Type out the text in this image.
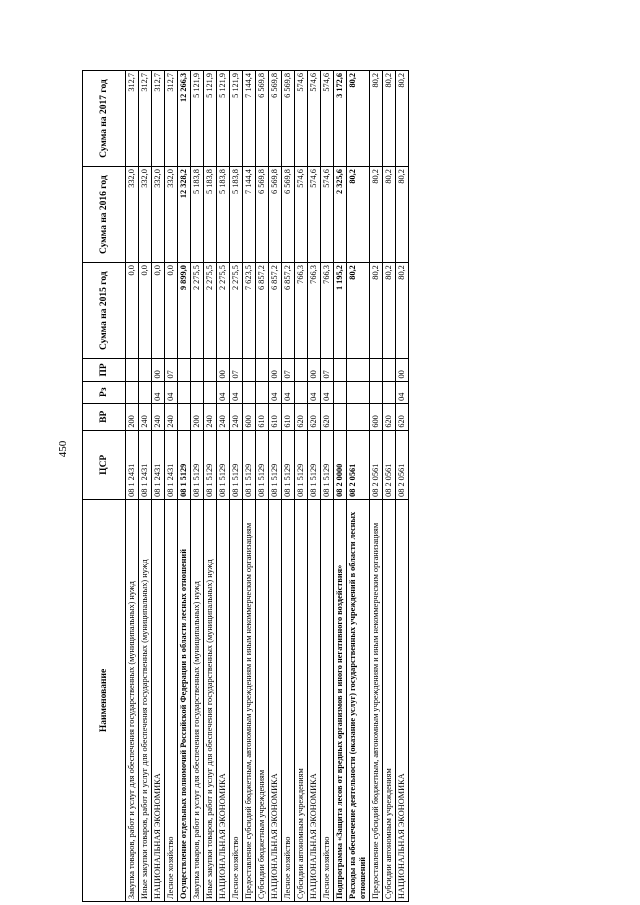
450
Наименование	ЦСР	ВР	Рз	ПР	Сумма на 2015 год	Сумма на 2016 год	Сумма на 2017 год
Закупка товаров, работ и услуг для обеспечения государственных (муниципальных) нужд	08 1 2431	200			0,0	332,0	312,7
Иные закупки товаров, работ и услуг для обеспечения государственных (муниципальных) нужд	08 1 2431	240			0,0	332,0	312,7
НАЦИОНАЛЬНАЯ ЭКОНОМИКА	08 1 2431	240	04	00	0,0	332,0	312,7
Лесное хозяйство	08 1 2431	240	04	07	0,0	332,0	312,7
Осуществление отдельных полномочий Российской Федерации в области лесных отношений	08 1 5129				9 899,0	12 328,2	12 266,3
Закупка товаров, работ и услуг для обеспечения государственных (муниципальных) нужд	08 1 5129	200			2 275,5	5 183,8	5 121,9
Иные закупки товаров, работ и услуг для обеспечения государственных (муниципальных) нужд	08 1 5129	240			2 275,5	5 183,8	5 121,9
НАЦИОНАЛЬНАЯ ЭКОНОМИКА	08 1 5129	240	04	00	2 275,5	5 183,8	5 121,9
Лесное хозяйство	08 1 5129	240	04	07	2 275,5	5 183,8	5 121,9
Предоставление субсидий бюджетным, автономным учреждениям и иным некоммерческим организациям	08 1 5129	600			7 623,5	7 144,4	7 144,4
Субсидии бюджетным учреждениям	08 1 5129	610			6 857,2	6 569,8	6 569,8
НАЦИОНАЛЬНАЯ ЭКОНОМИКА	08 1 5129	610	04	00	6 857,2	6 569,8	6 569,8
Лесное хозяйство	08 1 5129	610	04	07	6 857,2	6 569,8	6 569,8
Субсидии автономным учреждениям	08 1 5129	620			766,3	574,6	574,6
НАЦИОНАЛЬНАЯ ЭКОНОМИКА	08 1 5129	620	04	00	766,3	574,6	574,6
Лесное хозяйство	08 1 5129	620	04	07	766,3	574,6	574,6
Подпрограмма «Защита лесов от вредных организмов и иного негативного воздействия»	08 2 0000				1 195,2	2 325,6	3 172,6
Расходы на обеспечение деятельности (оказание услуг) государственных учреждений в области лесных отношений	08 2 0561				80,2	80,2	80,2
Предоставление субсидий бюджетным, автономным учреждениям и иным некоммерческим организациям	08 2 0561	600			80,2	80,2	80,2
Субсидии автономным учреждениям	08 2 0561	620			80,2	80,2	80,2
НАЦИОНАЛЬНАЯ ЭКОНОМИКА	08 2 0561	620	04	00	80,2	80,2	80,2
